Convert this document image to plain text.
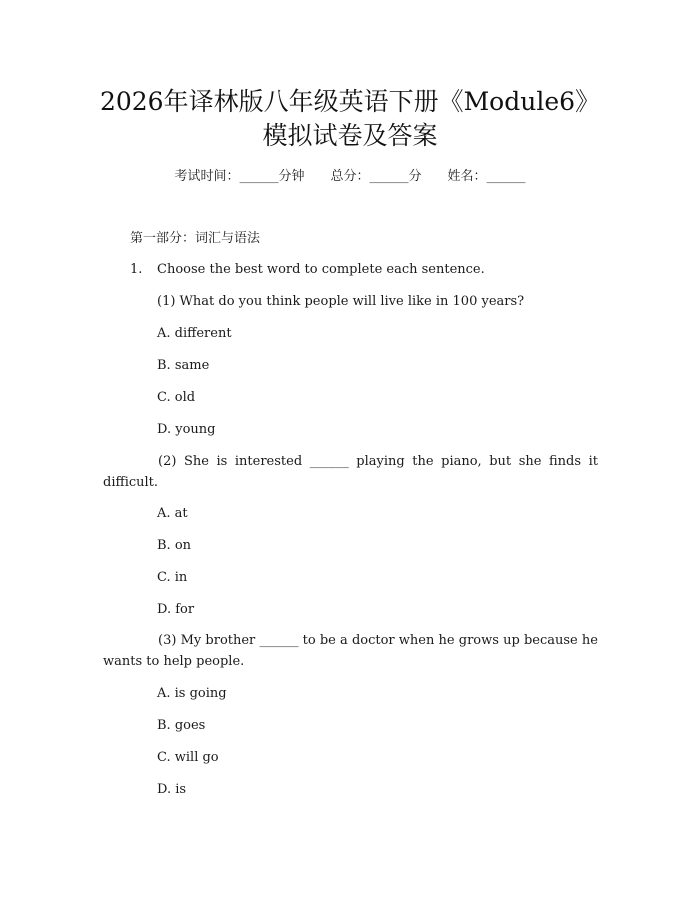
2026年译林版八年级英语下册《Module6》
模拟试卷及答案
考试时间：______分钟 总分：______分 姓名：______
第一部分：词汇与语法
1. Choose the best word to complete each sentence.
(1) What do you think people will live like in 100 years?
A. different
B. same
C. old
D. young
(2) She is interested ______ playing the piano, but she finds it difficult.
A. at
B. on
C. in
D. for
(3) My brother ______ to be a doctor when he grows up because he wants to help people.
A. is going
B. goes
C. will go
D. is
